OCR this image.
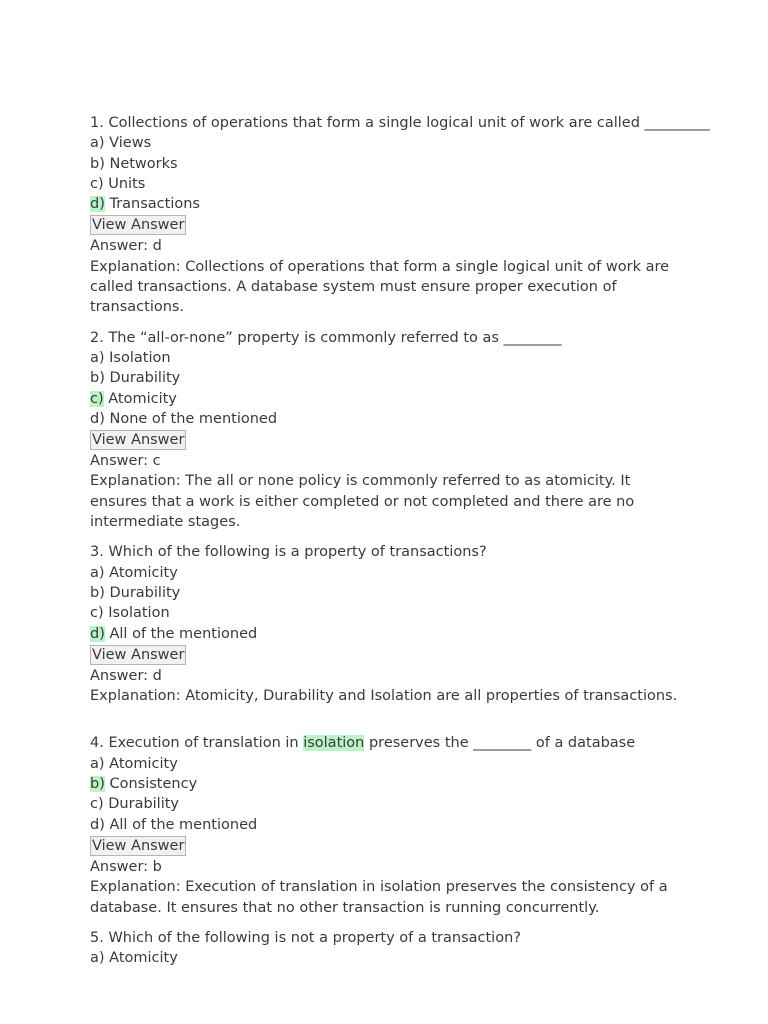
1. Collections of operations that form a single logical unit of work are called _________
a) Views
b) Networks
c) Units
d) Transactions
View Answer
Answer: d
Explanation: Collections of operations that form a single logical unit of work are called transactions. A database system must ensure proper execution of transactions.
2. The “all-or-none” property is commonly referred to as ________
a) Isolation
b) Durability
c) Atomicity
d) None of the mentioned
View Answer
Answer: c
Explanation: The all or none policy is commonly referred to as atomicity. It ensures that a work is either completed or not completed and there are no intermediate stages.
3. Which of the following is a property of transactions?
a) Atomicity
b) Durability
c) Isolation
d) All of the mentioned
View Answer
Answer: d
Explanation: Atomicity, Durability and Isolation are all properties of transactions.
4. Execution of translation in isolation preserves the ________ of a database
a) Atomicity
b) Consistency
c) Durability
d) All of the mentioned
View Answer
Answer: b
Explanation: Execution of translation in isolation preserves the consistency of a database. It ensures that no other transaction is running concurrently.
5. Which of the following is not a property of a transaction?
a) Atomicity
